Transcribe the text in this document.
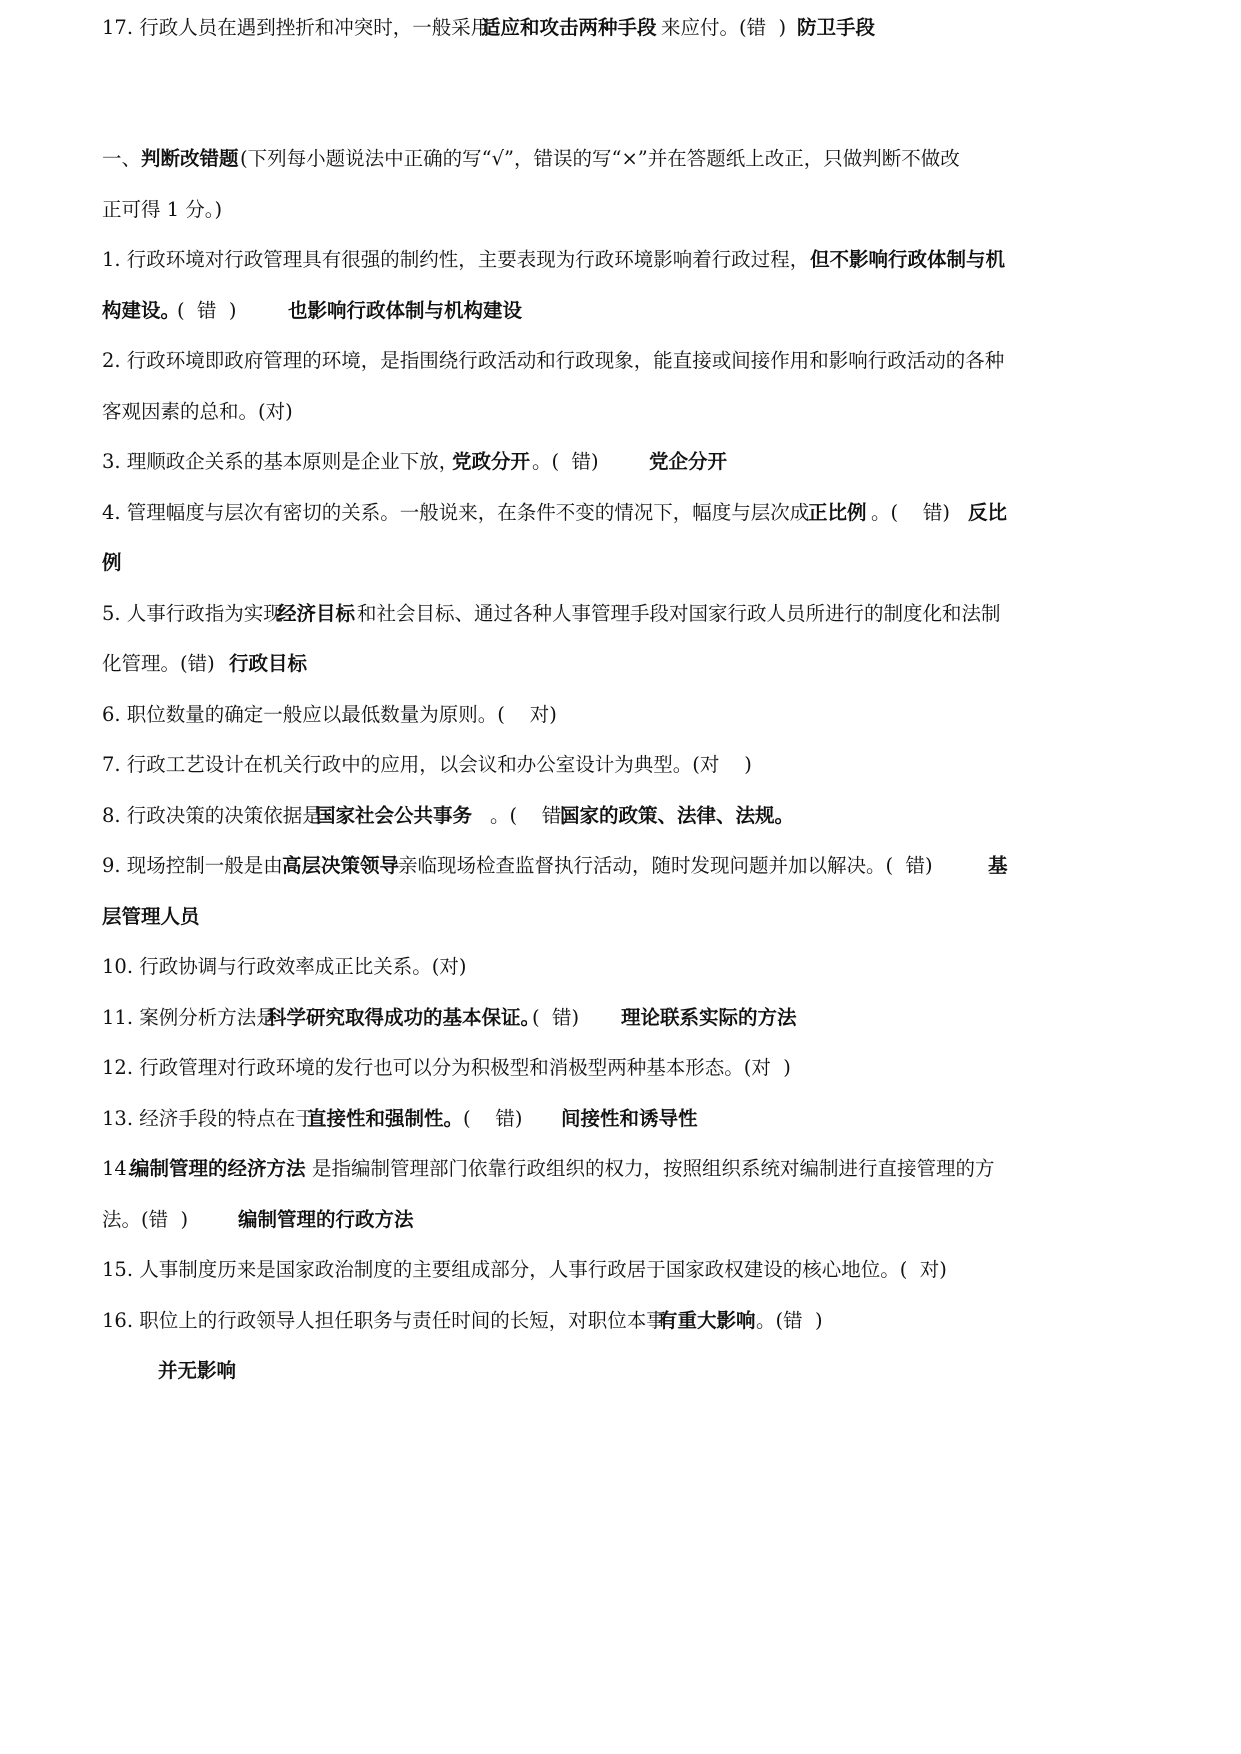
一、 判断改错题 (下列每小题说法中正确的写“√”，错误的写“×”并在答题纸上改正，只做判断不做改
正可得 1 分。)
1. 行政环境对行政管理具有很强的制约性，主要表现为行政环境影响着行政过程， 但不影响行政体制与机
构建设。
(  错  )	也影响行政体制与机构建设
2. 行政环境即政府管理的环境，是指围绕行政活动和行政现象，能直接或间接作用和影响行政活动的各种
客观因素的总和。(对)
3. 理顺政企关系的基本原则是企业下放，
党政分开 。(  错)	党企分开
4. 管理幅度与层次有密切的关系。一般说来，在条件不变的情况下，幅度与层次成
正比例 。(    错) 反比
例
5. 人事行政指为实现
经济目标 和社会目标、通过各种人事管理手段对国家行政人员所进行的制度化和法制
化管理。(错) 行政目标
6. 职位数量的确定一般应以最低数量为原则。(    对)
7. 行政工艺设计在机关行政中的应用，以会议和办公室设计为典型。(对    )
8. 行政决策的决策依据是
国家社会公共事务 。(    错)
国家的政策、法律、法规。
9. 现场控制一般是由 高层决策领导
亲临现场检查监督执行活动，随时发现问题并加以解决。(  错)	基
层管理人员
10. 行政协调与行政效率成正比关系。(对)
11. 案例分析方法是
科学研究取得成功的基本保证。
(  错) 理论联系实际的方法
12. 行政管理对行政环境的发行也可以分为积极型和消极型两种基本形态。(对  )
13. 经济手段的特点在于
直接性和强制性。 (    错) 间接性和诱导性
14.
编制管理的经济方法 是指编制管理部门依靠行政组织的权力，按照组织系统对编制进行直接管理的方
法。(错  )	编制管理的行政方法
15. 人事制度历来是国家政治制度的主要组成部分，人事行政居于国家政权建设的核心地位。(  对)
16. 职位上的行政领导人担任职务与责任时间的长短，对职位本事
有重大影响 。(错  )
并无影响
17. 行政人员在遇到挫折和冲突时，一般采用
适应和攻击两种手段 来应付。(错  ) 防卫手段
